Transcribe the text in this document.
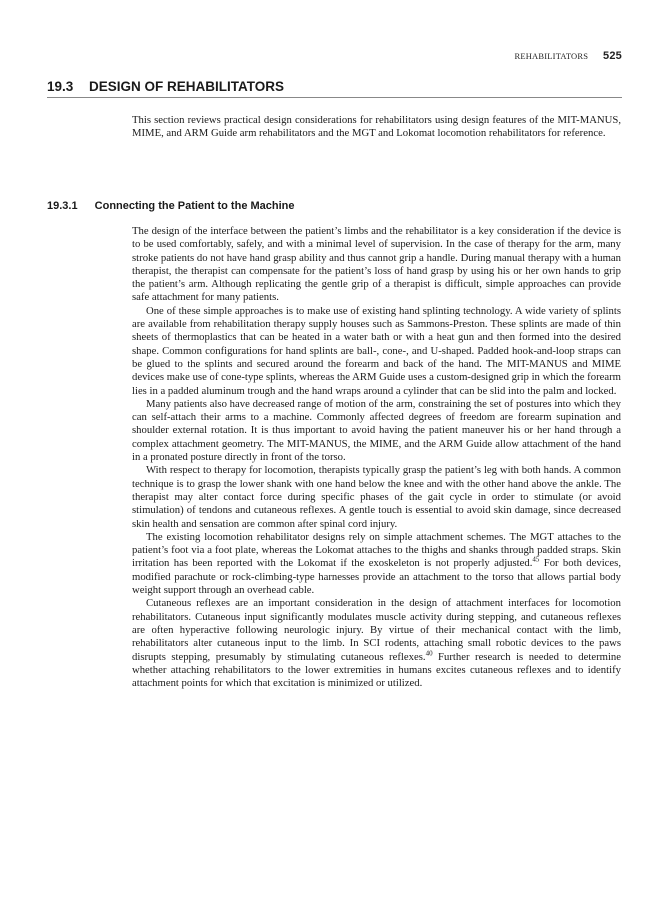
REHABILITATORS 525
19.3 DESIGN OF REHABILITATORS

This section reviews practical design considerations for rehabilitators using design features of the MIT-MANUS, MIME, and ARM Guide arm rehabilitators and the MGT and Lokomat locomotion rehabilitators for reference.

19.3.1 Connecting the Patient to the Machine

The design of the interface between the patient’s limbs and the rehabilitator is a key consideration if the device is to be used comfortably, safely, and with a minimal level of supervision. In the case of therapy for the arm, many stroke patients do not have hand grasp ability and thus cannot grip a handle. During manual therapy with a human therapist, the therapist can compensate for the patient’s loss of hand grasp by using his or her own hands to grip the patient’s arm. Although replicating the gentle grip of a therapist is difficult, simple approaches can provide safe attachment for many patients.

One of these simple approaches is to make use of existing hand splinting technology. A wide variety of splints are available from rehabilitation therapy supply houses such as Sammons-Preston. These splints are made of thin sheets of thermoplastics that can be heated in a water bath or with a heat gun and then formed into the desired shape. Common configurations for hand splints are ball-, cone-, and U-shaped. Padded hook-and-loop straps can be glued to the splints and secured around the forearm and back of the hand. The MIT-MANUS and MIME devices make use of cone-type splints, whereas the ARM Guide uses a custom-designed grip in which the forearm lies in a padded aluminum trough and the hand wraps around a cylinder that can be slid into the palm and locked.

Many patients also have decreased range of motion of the arm, constraining the set of postures into which they can self-attach their arms to a machine. Commonly affected degrees of freedom are forearm supination and shoulder external rotation. It is thus important to avoid having the patient maneuver his or her hand through a complex attachment geometry. The MIT-MANUS, the MIME, and the ARM Guide allow attachment of the hand in a pronated posture directly in front of the torso.

With respect to therapy for locomotion, therapists typically grasp the patient’s leg with both hands. A common technique is to grasp the lower shank with one hand below the knee and with the other hand above the ankle. The therapist may alter contact force during specific phases of the gait cycle in order to stimulate (or avoid stimulation) of tendons and cutaneous reflexes. A gentle touch is essential to avoid skin damage, since decreased skin health and sensation are common after spinal cord injury.

The existing locomotion rehabilitator designs rely on simple attachment schemes. The MGT attaches to the patient’s foot via a foot plate, whereas the Lokomat attaches to the thighs and shanks through padded straps. Skin irritation has been reported with the Lokomat if the exoskeleton is not properly adjusted.$^{45}$ For both devices, modified parachute or rock-climbing-type harnesses provide an attachment to the torso that allows partial body weight support through an overhead cable.

Cutaneous reflexes are an important consideration in the design of attachment interfaces for locomotion rehabilitators. Cutaneous input significantly modulates muscle activity during stepping, and cutaneous reflexes are often hyperactive following neurologic injury. By virtue of their mechanical contact with the limb, rehabilitators alter cutaneous input to the limb. In SCI rodents, attaching small robotic devices to the paws disrupts stepping, presumably by stimulating cutaneous reflexes.$^{40}$ Further research is needed to determine whether attaching rehabilitators to the lower extremities in humans excites cutaneous reflexes and to identify attachment points for which that excitation is minimized or utilized.
